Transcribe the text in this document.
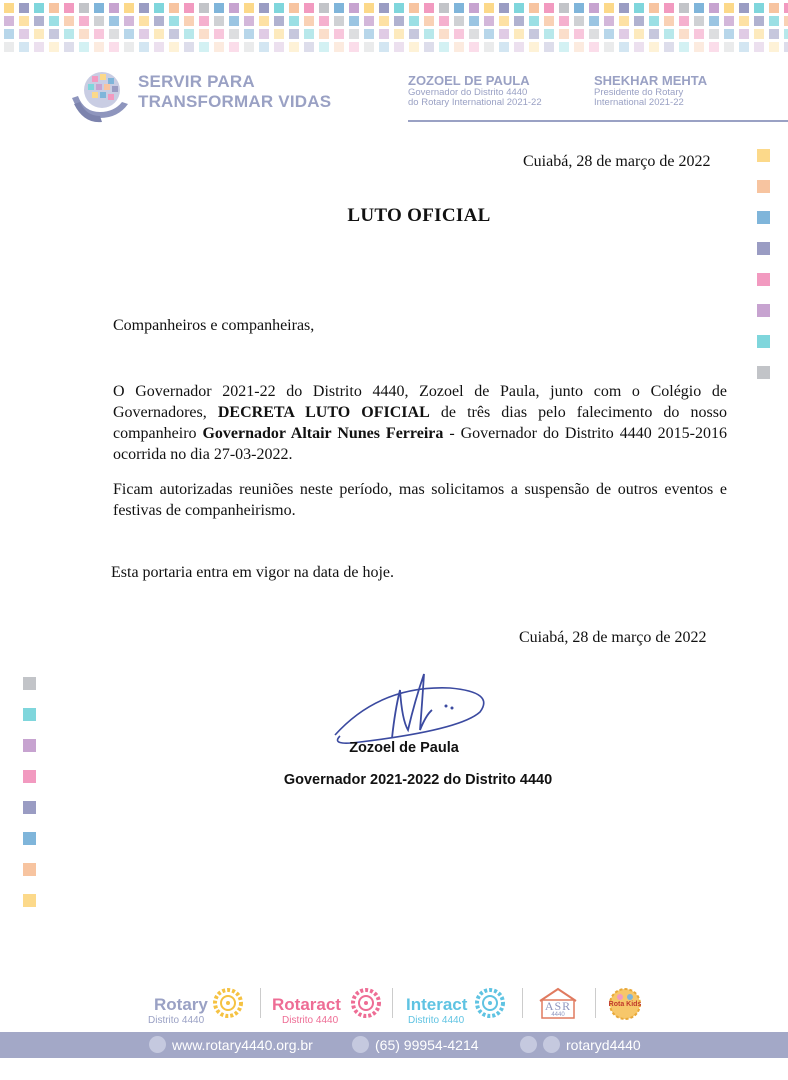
SERVIR PARA
TRANSFORMAR VIDAS
ZOZOEL DE PAULA
Governador do Distrito 4440
do Rotary International 2021-22
SHEKHAR MEHTA
Presidente do Rotary
International 2021-22
Cuiabá, 28 de março de 2022
LUTO OFICIAL
Companheiros e companheiras,
O Governador 2021-22 do Distrito 4440, Zozoel de Paula, junto com o Colégio de Governadores, DECRETA LUTO OFICIAL de três dias pelo falecimento do nosso companheiro Governador Altair Nunes Ferreira - Governador do Distrito 4440 2015-2016 ocorrida no dia 27-03-2022.
Ficam autorizadas reuniões neste período, mas solicitamos a suspensão de outros eventos e festivas de companheirismo.
Esta portaria entra em vigor na data de hoje.
Cuiabá, 28 de março de 2022
Zozoel de Paula
Governador 2021-2022 do Distrito 4440
Rotary
Distrito 4440
Rotaract
Distrito 4440
Interact
Distrito 4440
ASR
4440
Rota Kids
www.rotary4440.org.br	(65) 99954-4214	rotaryd4440
